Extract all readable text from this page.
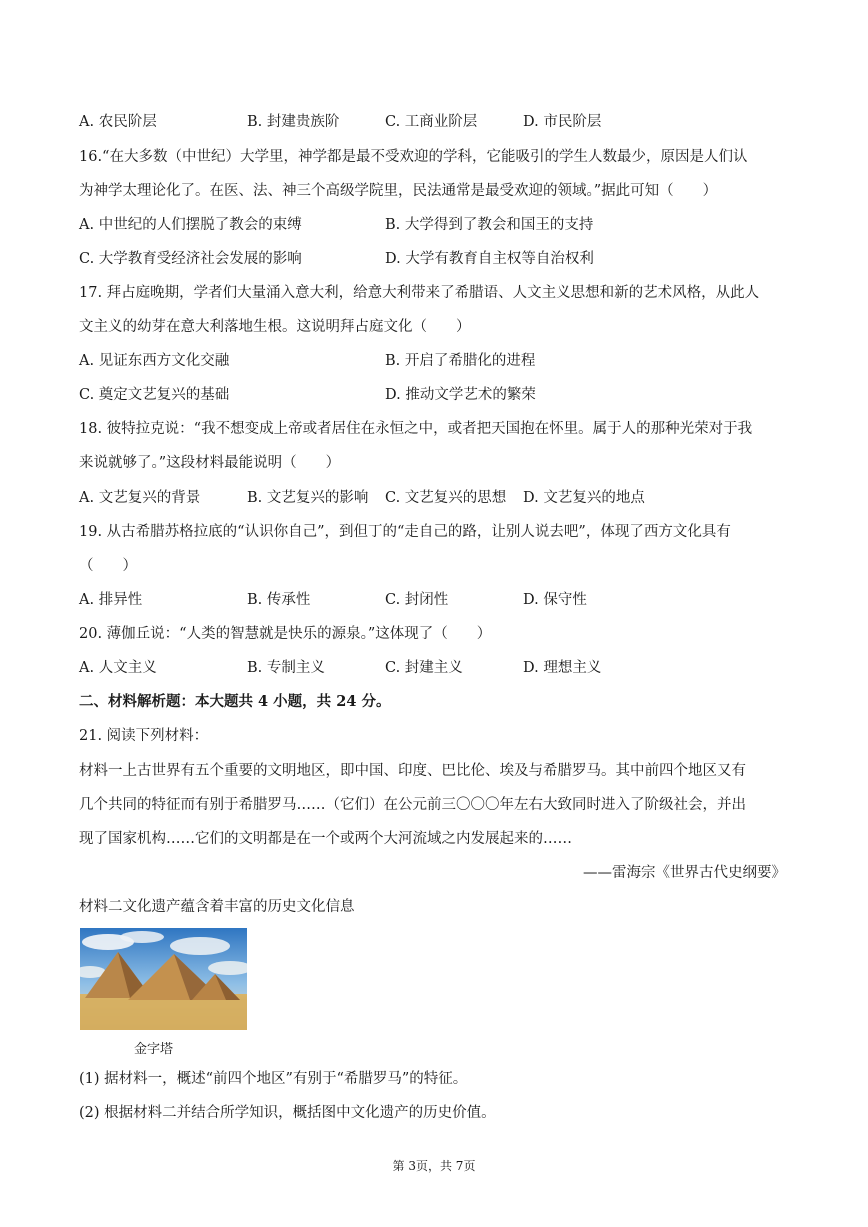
A. 农民阶层	B. 封建贵族阶	C. 工商业阶层	D. 市民阶层
16.“在大多数（中世纪）大学里，神学都是最不受欢迎的学科，它能吸引的学生人数最少，原因是人们认
为神学太理论化了。在医、法、神三个高级学院里，民法通常是最受欢迎的领域。”据此可知（　　）
A. 中世纪的人们摆脱了教会的束缚	B. 大学得到了教会和国王的支持
C. 大学教育受经济社会发展的影响	D. 大学有教育自主权等自治权利
17. 拜占庭晚期，学者们大量涌入意大利，给意大利带来了希腊语、人文主义思想和新的艺术风格，从此人
文主义的幼芽在意大利落地生根。这说明拜占庭文化（　　）
A. 见证东西方文化交融	B. 开启了希腊化的进程
C. 奠定文艺复兴的基础	D. 推动文学艺术的繁荣
18. 彼特拉克说：“我不想变成上帝或者居住在永恒之中，或者把天国抱在怀里。属于人的那种光荣对于我
来说就够了。”这段材料最能说明（　　）
A. 文艺复兴的背景	B. 文艺复兴的影响 C. 文艺复兴的思想 D. 文艺复兴的地点
19. 从古希腊苏格拉底的“认识你自己”，到但丁的“走自己的路，让别人说去吧”，体现了西方文化具有
（　　）
A. 排异性	B. 传承性	C. 封闭性	D. 保守性
20. 薄伽丘说：“人类的智慧就是快乐的源泉。”这体现了（　　）
A. 人文主义	B. 专制主义	C. 封建主义	D. 理想主义
二、材料解析题：本大题共 4 小题，共 24 分。
21. 阅读下列材料：
材料一上古世界有五个重要的文明地区，即中国、印度、巴比伦、埃及与希腊罗马。其中前四个地区又有
几个共同的特征而有别于希腊罗马……（它们）在公元前三〇〇〇年左右大致同时进入了阶级社会，并出
现了国家机构……它们的文明都是在一个或两个大河流域之内发展起来的……
——雷海宗《世界古代史纲要》
材料二文化遗产蕴含着丰富的历史文化信息
金字塔
(1) 据材料一，概述“前四个地区”有别于“希腊罗马”的特征。
(2) 根据材料二并结合所学知识，概括图中文化遗产的历史价值。
第 3页，共 7页
